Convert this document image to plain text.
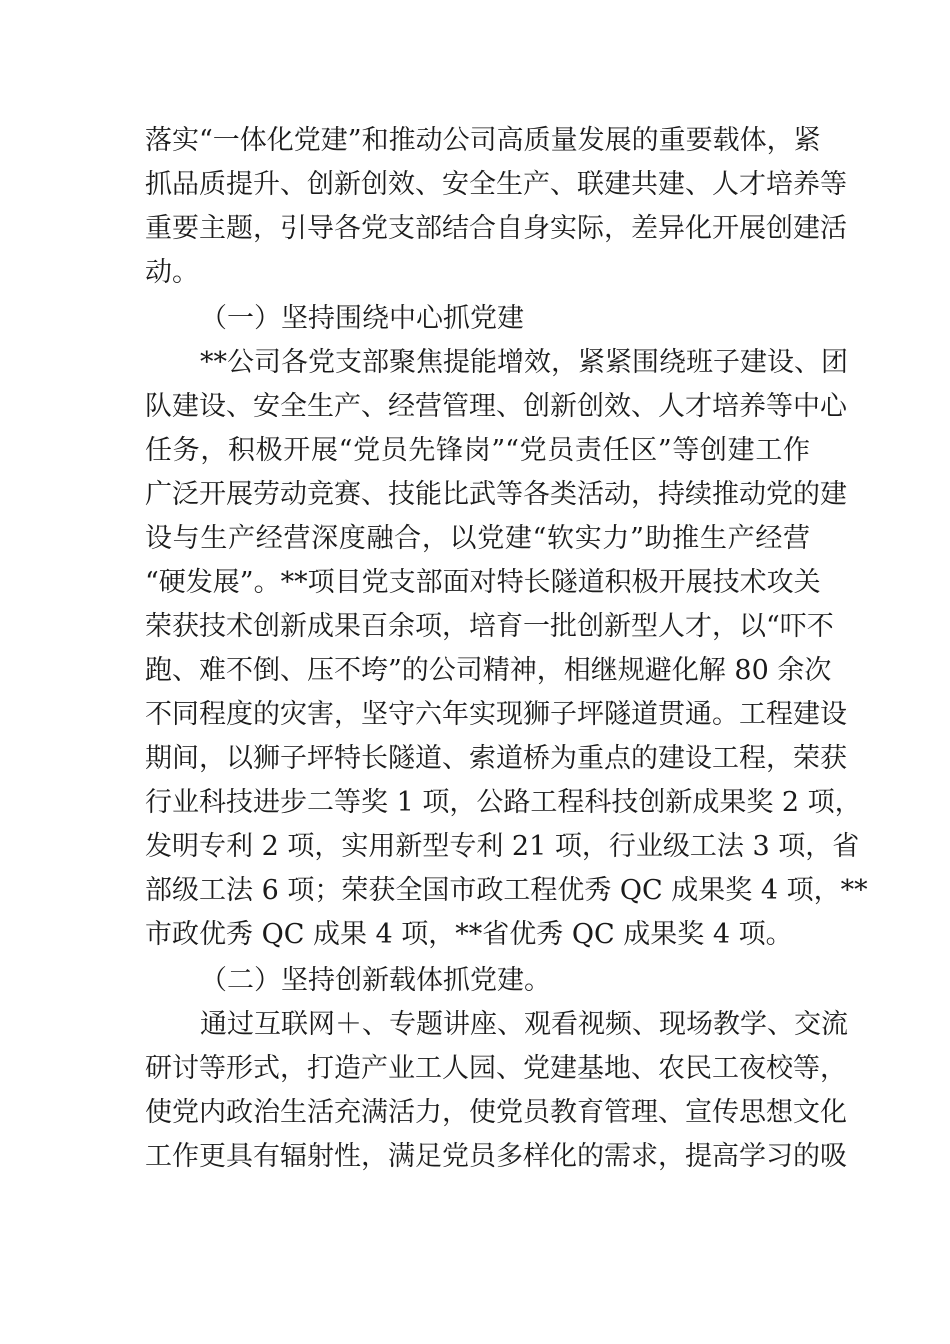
落实“一体化党建”和推动公司高质量发展的重要载体，紧
抓品质提升、创新创效、安全生产、联建共建、人才培养等
重要主题，引导各党支部结合自身实际，差异化开展创建活
动。
（一）坚持围绕中心抓党建
**公司各党支部聚焦提能增效，紧紧围绕班子建设、团
队建设、安全生产、经营管理、创新创效、人才培养等中心
任务，积极开展“党员先锋岗”“党员责任区”等创建工作
广泛开展劳动竞赛、技能比武等各类活动，持续推动党的建
设与生产经营深度融合，以党建“软实力”助推生产经营
“硬发展”。**项目党支部面对特长隧道积极开展技术攻关
荣获技术创新成果百余项，培育一批创新型人才，以“吓不
跑、难不倒、压不垮”的公司精神，相继规避化解 80 余次
不同程度的灾害，坚守六年实现狮子坪隧道贯通。工程建设
期间，以狮子坪特长隧道、索道桥为重点的建设工程，荣获
行业科技进步二等奖 1 项，公路工程科技创新成果奖 2 项，
发明专利 2 项，实用新型专利 21 项，行业级工法 3 项，省
部级工法 6 项；荣获全国市政工程优秀 QC 成果奖 4 项，**
市政优秀 QC 成果 4 项，**省优秀 QC 成果奖 4 项。
（二）坚持创新载体抓党建。
通过互联网＋、专题讲座、观看视频、现场教学、交流
研讨等形式，打造产业工人园、党建基地、农民工夜校等，
使党内政治生活充满活力，使党员教育管理、宣传思想文化
工作更具有辐射性，满足党员多样化的需求，提高学习的吸
